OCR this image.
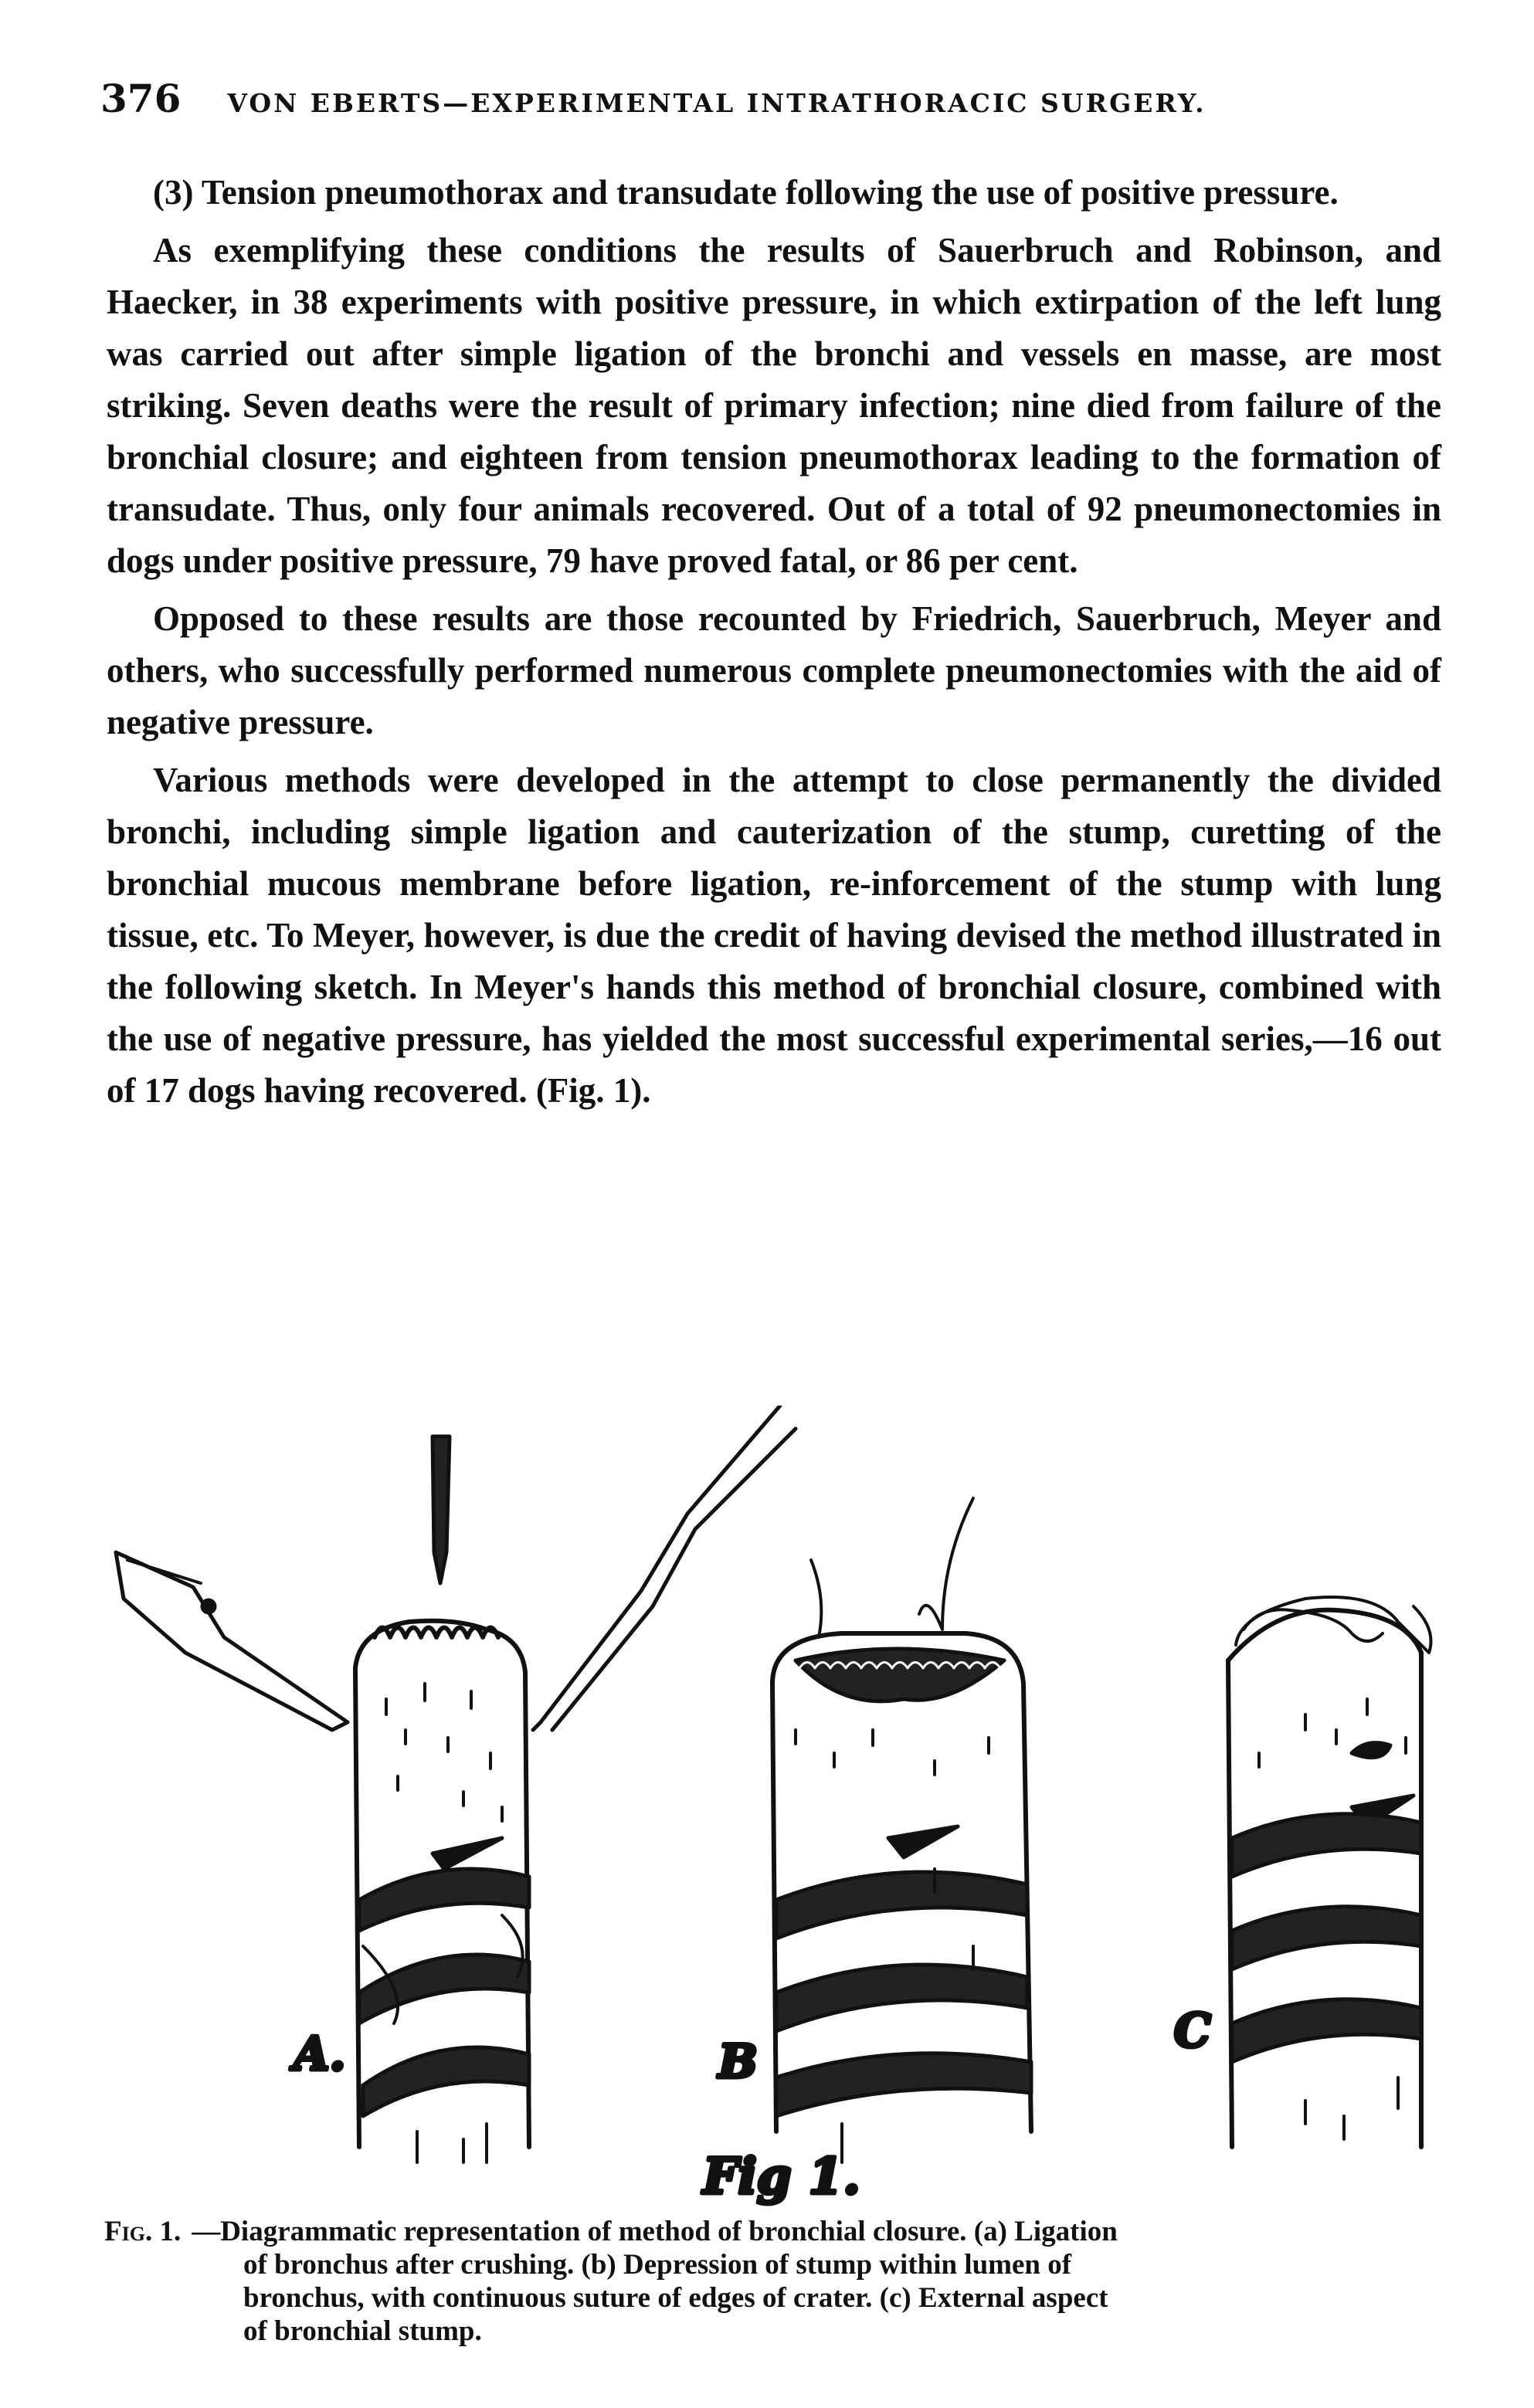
376 VON EBERTS—EXPERIMENTAL INTRATHORACIC SURGERY.

(3) Tension pneumothorax and transudate following the use of positive pressure.

As exemplifying these conditions the results of Sauerbruch and Robinson, and Haecker, in 38 experiments with positive pressure, in which extirpation of the left lung was carried out after simple ligation of the bronchi and vessels en masse, are most striking. Seven deaths were the result of primary infection; nine died from failure of the bronchial closure; and eighteen from tension pneumothorax leading to the formation of transudate. Thus, only four animals recovered. Out of a total of 92 pneumonectomies in dogs under positive pressure, 79 have proved fatal, or 86 per cent.

Opposed to these results are those recounted by Friedrich, Sauerbruch, Meyer and others, who successfully performed numerous complete pneumonectomies with the aid of negative pressure.

Various methods were developed in the attempt to close permanently the divided bronchi, including simple ligation and cauterization of the stump, curetting of the bronchial mucous membrane before ligation, re-inforcement of the stump with lung tissue, etc. To Meyer, however, is due the credit of having devised the method illustrated in the following sketch. In Meyer's hands this method of bronchial closure, combined with the use of negative pressure, has yielded the most successful experimental series,—16 out of 17 dogs having recovered. (Fig. 1).

A.	B
C
Fig 1.
Fig. 1. —Diagrammatic representation of method of bronchial closure. (a) Ligation
of bronchus after crushing. (b) Depression of stump within lumen of
bronchus, with continuous suture of edges of crater. (c) External aspect
of bronchial stump.
